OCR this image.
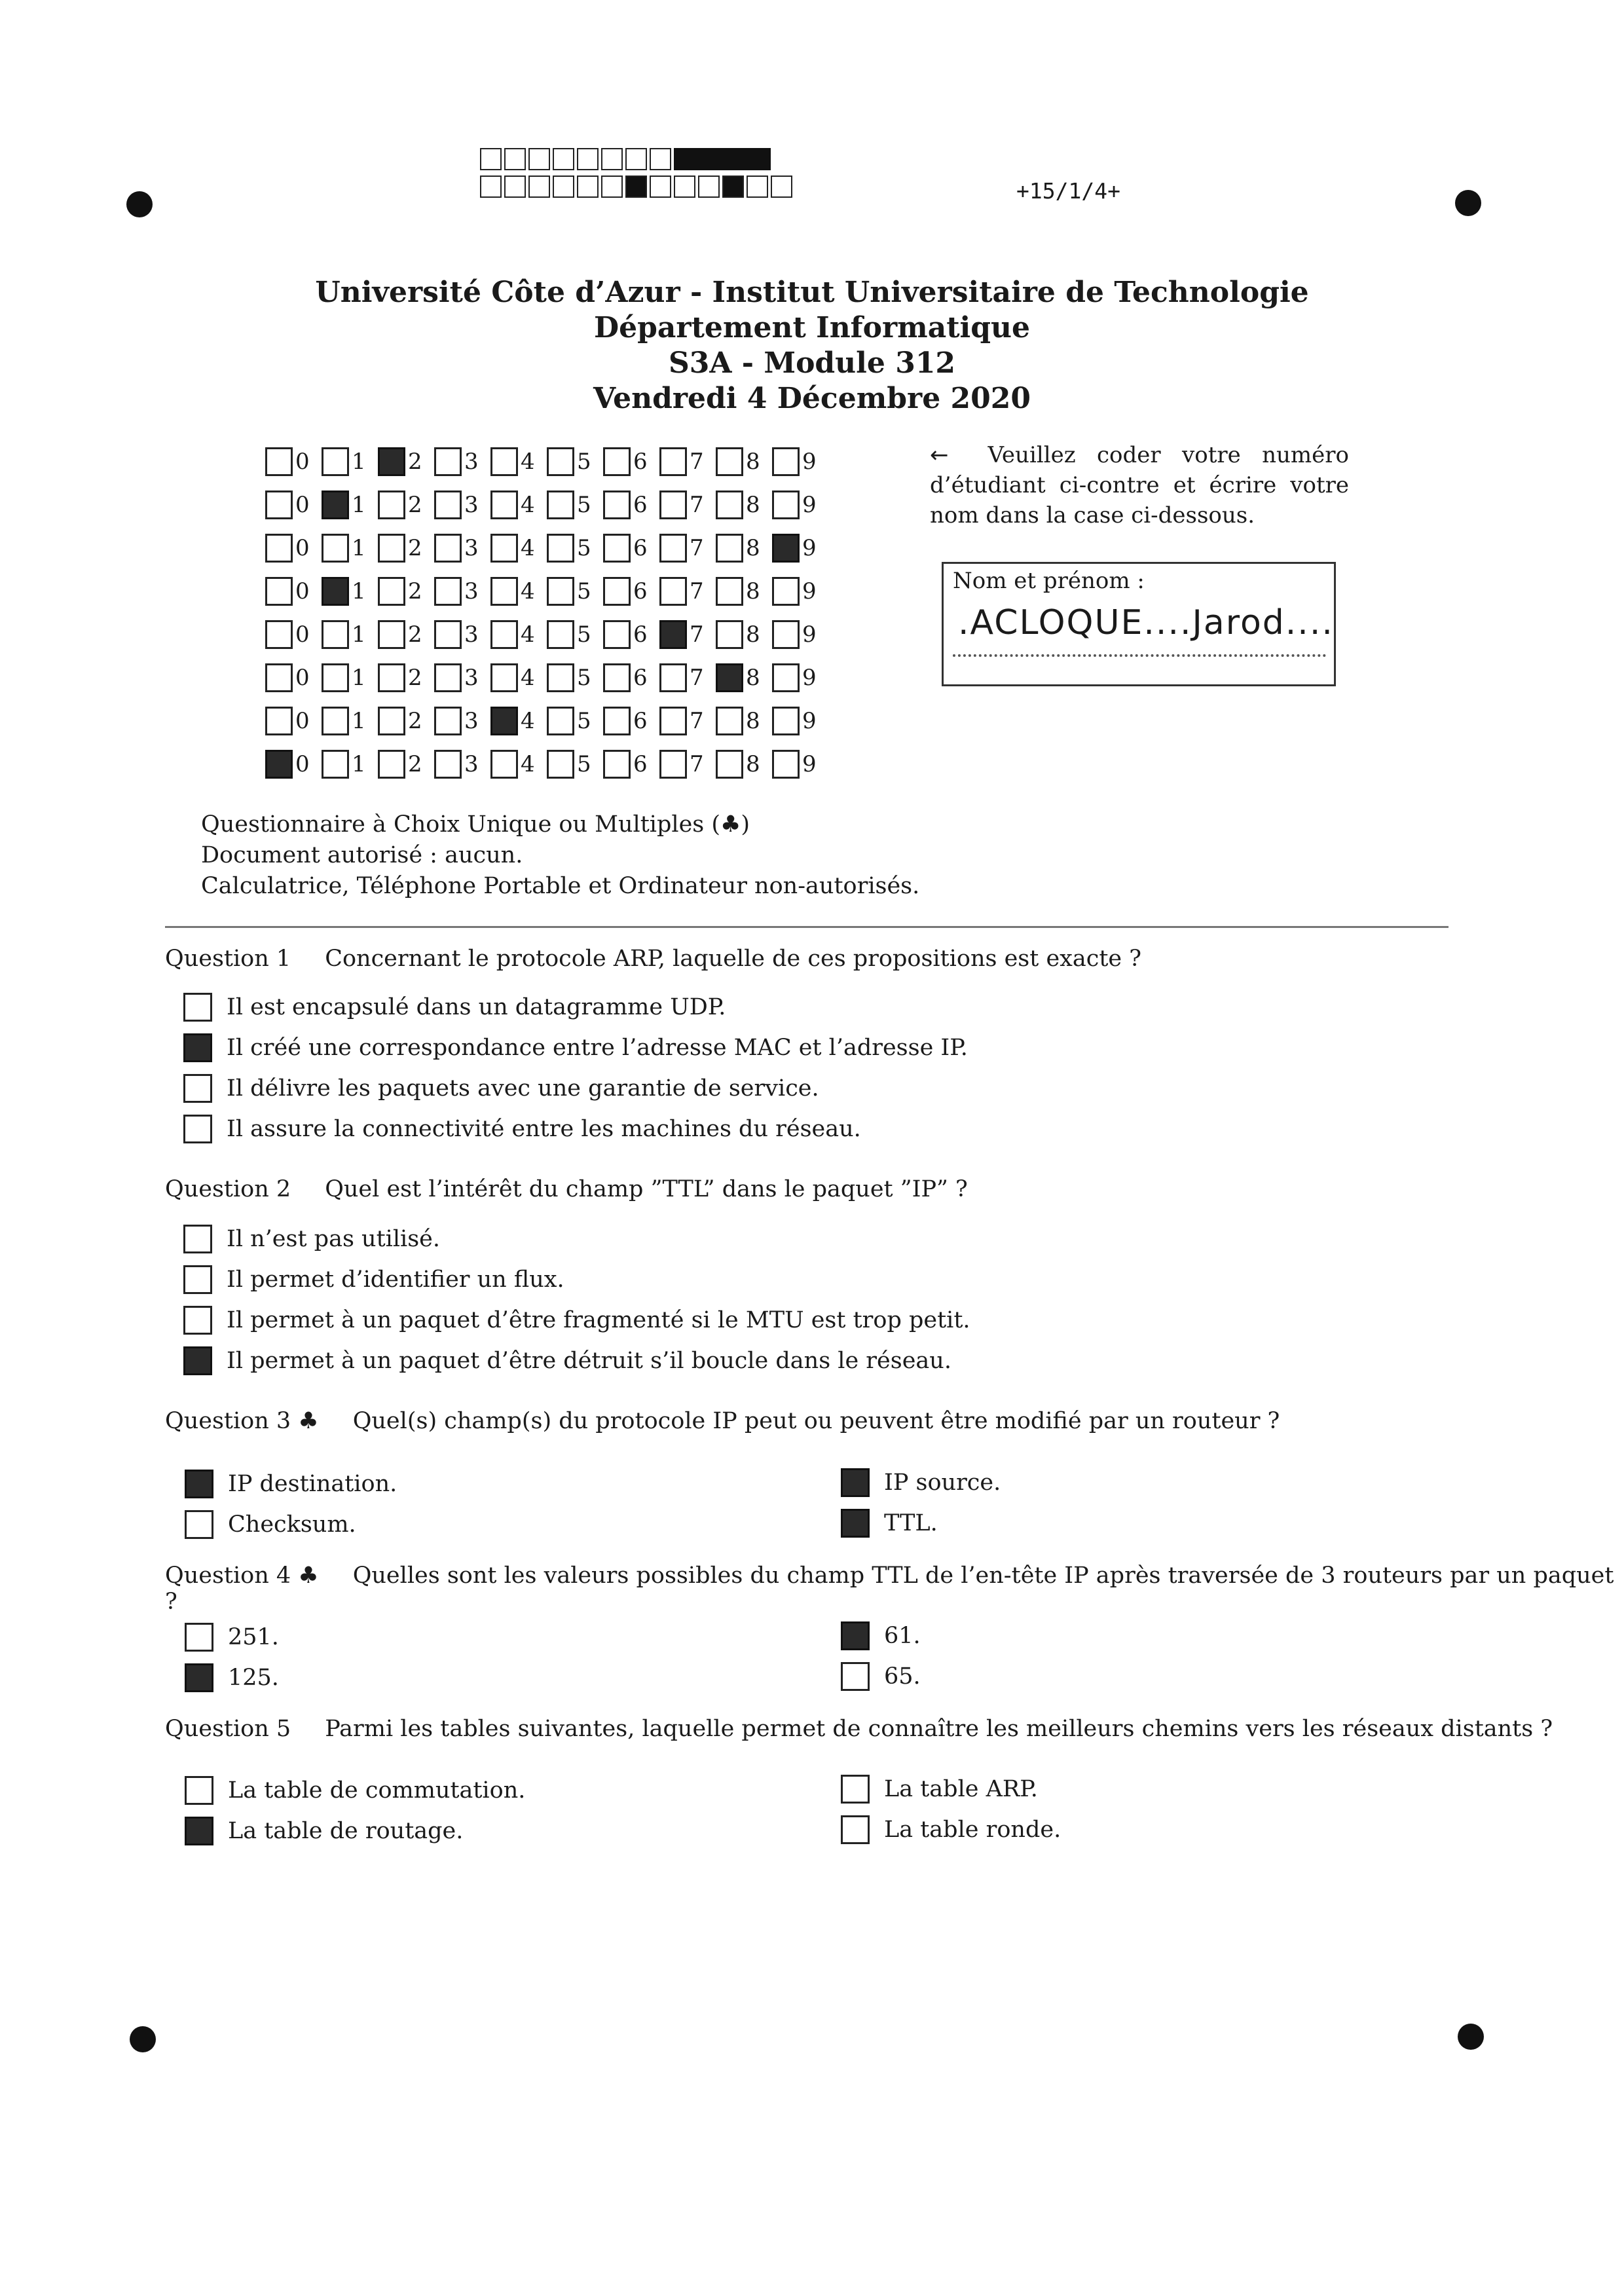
+15/1/4+
Université Côte d’Azur - Institut Universitaire de Technologie
Département Informatique
S3A - Module 312
Vendredi 4 Décembre 2020
0 1 2 3 4 5 6 7 8 9
0 1 2 3 4 5 6 7 8 9
0 1 2 3 4 5 6 7 8 9
0 1 2 3 4 5 6 7 8 9
0 1 2 3 4 5 6 7 8 9
0 1 2 3 4 5 6 7 8 9
0 1 2 3 4 5 6 7 8 9
0 1 2 3 4 5 6 7 8 9
← Veuillez coder votre numéro d’étudiant ci-contre et écrire votre nom dans la case ci-dessous.
Nom et prénom :
.ACLOQUE....Jarod....
Questionnaire à Choix Unique ou Multiples (♣)
Document autorisé : aucun.
Calculatrice, Téléphone Portable et Ordinateur non-autorisés.
Question 1 Concernant le protocole ARP, laquelle de ces propositions est exacte ?
Il est encapsulé dans un datagramme UDP.
Il créé une correspondance entre l’adresse MAC et l’adresse IP.
Il délivre les paquets avec une garantie de service.
Il assure la connectivité entre les machines du réseau.
Question 2 Quel est l’intérêt du champ ”TTL” dans le paquet ”IP” ?
Il n’est pas utilisé.
Il permet d’identifier un flux.
Il permet à un paquet d’être fragmenté si le MTU est trop petit.
Il permet à un paquet d’être détruit s’il boucle dans le réseau.
Question 3 ♣ Quel(s) champ(s) du protocole IP peut ou peuvent être modifié par un routeur ?
IP destination.
Checksum.
IP source.
TTL.
Question 4 ♣ Quelles sont les valeurs possibles du champ TTL de l’en-tête IP après traversée de 3 routeurs par un paquet ?
251.
125.
61.
65.
Question 5 Parmi les tables suivantes, laquelle permet de connaître les meilleurs chemins vers les réseaux distants ?
La table de commutation.
La table de routage.
La table ARP.
La table ronde.
